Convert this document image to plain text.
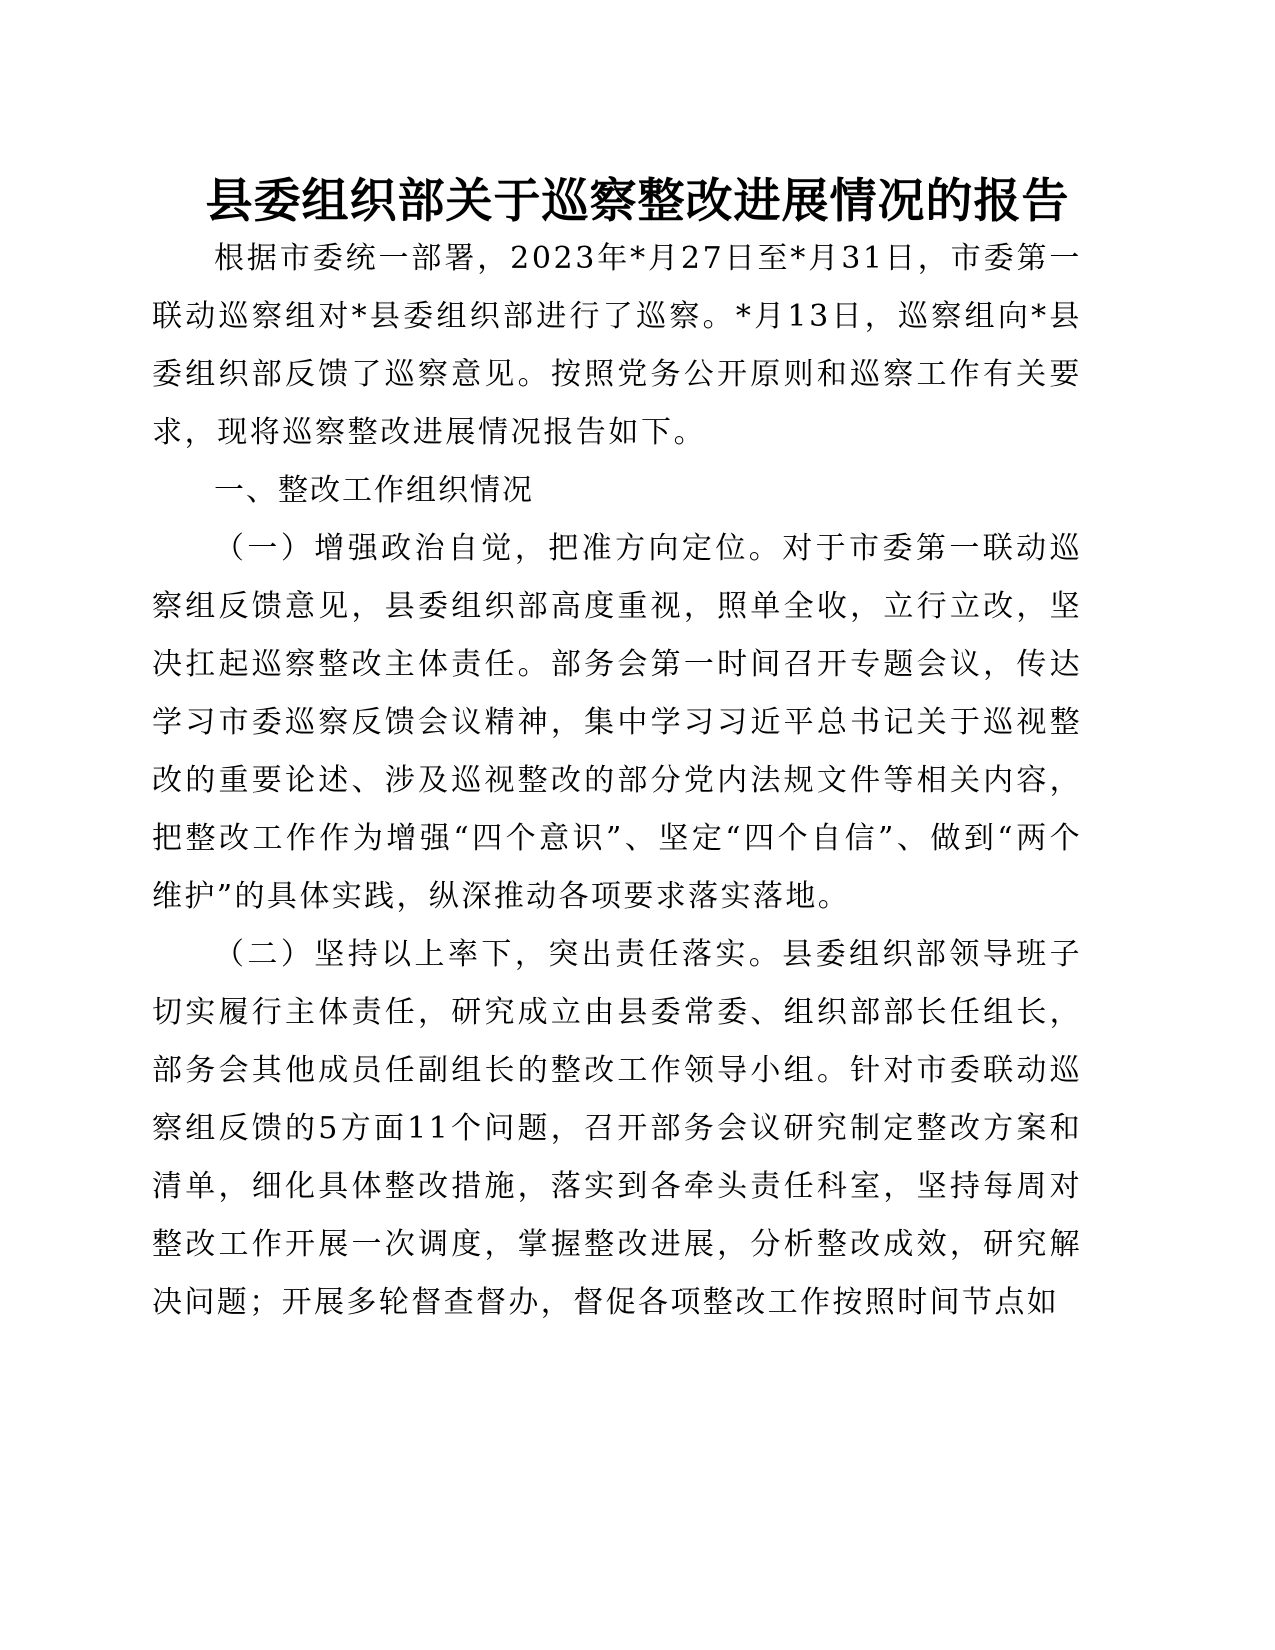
县委组织部关于巡察整改进展情况的报告

根据市委统一部署，2023年*月27日至*月31日，市委第一联动巡察组对*县委组织部进行了巡察。*月13日，巡察组向*县委组织部反馈了巡察意见。按照党务公开原则和巡察工作有关要求，现将巡察整改进展情况报告如下。

一、整改工作组织情况

（一）增强政治自觉，把准方向定位。对于市委第一联动巡察组反馈意见，县委组织部高度重视，照单全收，立行立改，坚决扛起巡察整改主体责任。部务会第一时间召开专题会议，传达学习市委巡察反馈会议精神，集中学习习近平总书记关于巡视整改的重要论述、涉及巡视整改的部分党内法规文件等相关内容，把整改工作作为增强“四个意识”、坚定“四个自信”、做到“两个维护”的具体实践，纵深推动各项要求落实落地。

（二）坚持以上率下，突出责任落实。县委组织部领导班子切实履行主体责任，研究成立由县委常委、组织部部长任组长，部务会其他成员任副组长的整改工作领导小组。针对市委联动巡察组反馈的5方面11个问题，召开部务会议研究制定整改方案和清单，细化具体整改措施，落实到各牵头责任科室，坚持每周对整改工作开展一次调度，掌握整改进展，分析整改成效，研究解决问题；开展多轮督查督办，督促各项整改工作按照时间节点如
